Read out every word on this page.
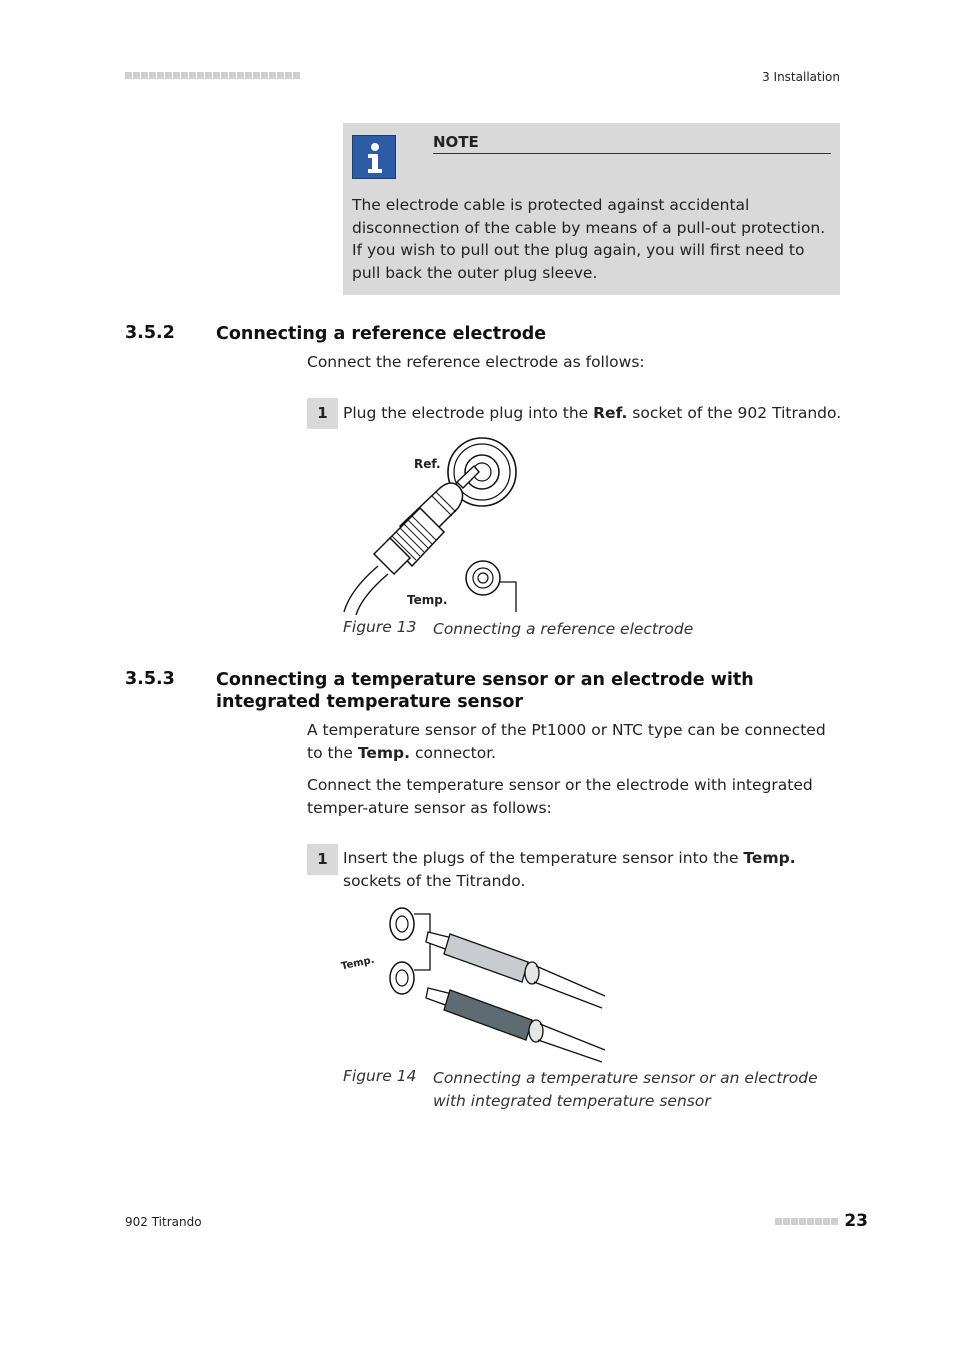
3 Installation
NOTE
The electrode cable is protected against accidental disconnection of the cable by means of a pull-out protection. If you wish to pull out the plug again, you will first need to pull back the outer plug sleeve.
3.5.2 Connecting a reference electrode
Connect the reference electrode as follows:
1 Plug the electrode plug into the Ref. socket of the 902 Titrando.
Ref.
Temp.
Figure 13 Connecting a reference electrode
3.5.3 Connecting a temperature sensor or an electrode with integrated temperature sensor
A temperature sensor of the Pt1000 or NTC type can be connected to the Temp. connector.
Connect the temperature sensor or the electrode with integrated temper-ature sensor as follows:
1 Insert the plugs of the temperature sensor into the Temp. sockets of the Titrando.
Temp.
Figure 14 Connecting a temperature sensor or an electrode with integrated temperature sensor
902 Titrando	23
